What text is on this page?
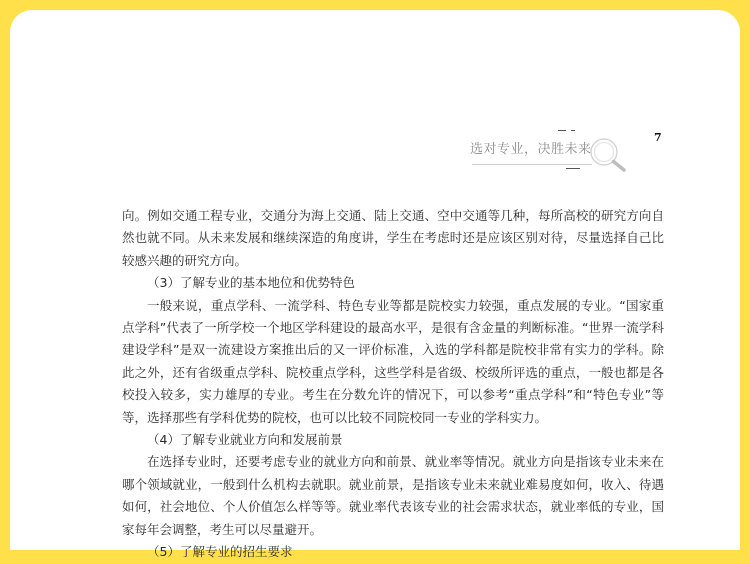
选对专业，决胜未来
7

向。例如交通工程专业，交通分为海上交通、陆上交通、空中交通等几种，每所高校的研究方向自然也就不同。从未来发展和继续深造的角度讲，学生在考虑时还是应该区别对待，尽量选择自己比较感兴趣的研究方向。

（3）了解专业的基本地位和优势特色

一般来说，重点学科、一流学科、特色专业等都是院校实力较强，重点发展的专业。“国家重点学科”代表了一所学校一个地区学科建设的最高水平，是很有含金量的判断标准。“世界一流学科建设学科”是双一流建设方案推出后的又一评价标准，入选的学科都是院校非常有实力的学科。除此之外，还有省级重点学科、院校重点学科，这些学科是省级、校级所评选的重点，一般也都是各校投入较多，实力雄厚的专业。考生在分数允许的情况下，可以参考“重点学科”和“特色专业”等等，选择那些有学科优势的院校，也可以比较不同院校同一专业的学科实力。

（4）了解专业就业方向和发展前景

在选择专业时，还要考虑专业的就业方向和前景、就业率等情况。就业方向是指该专业未来在哪个领域就业，一般到什么机构去就职。就业前景，是指该专业未来就业难易度如何，收入、待遇如何，社会地位、个人价值怎么样等等。就业率代表该专业的社会需求状态，就业率低的专业，国家每年会调整，考生可以尽量避开。

（5）了解专业的招生要求
